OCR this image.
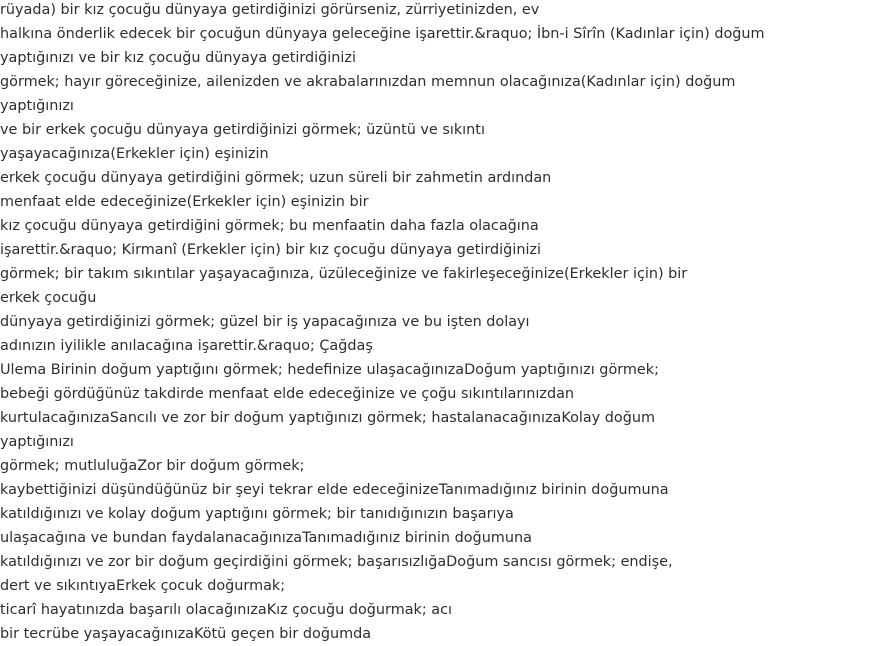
rüyada) bir kız çocuğu dünyaya getirdiğinizi görürseniz, zürriyetinizden, ev
halkına önderlik edecek bir çocuğun dünyaya geleceğine işarettir.&raquo; İbn-i Sîrîn (Kadınlar için) doğum
yaptığınızı ve bir kız çocuğu dünyaya getirdiğinizi
görmek; hayır göreceğinize, ailenizden ve akrabalarınızdan memnun olacağınıza(Kadınlar için) doğum
yaptığınızı
ve bir erkek çocuğu dünyaya getirdiğinizi görmek; üzüntü ve sıkıntı
yaşayacağınıza(Erkekler için) eşinizin
erkek çocuğu dünyaya getirdiğini görmek; uzun süreli bir zahmetin ardından
menfaat elde edeceğinize(Erkekler için) eşinizin bir
kız çocuğu dünyaya getirdiğini görmek; bu menfaatin daha fazla olacağına
işarettir.&raquo; Kirmanî (Erkekler için) bir kız çocuğu dünyaya getirdiğinizi
görmek; bir takım sıkıntılar yaşayacağınıza, üzüleceğinize ve fakirleşeceğinize(Erkekler için) bir
erkek çocuğu
dünyaya getirdiğinizi görmek; güzel bir iş yapacağınıza ve bu işten dolayı
adınızın iyilikle anılacağına işarettir.&raquo; Çağdaş
Ulema Birinin doğum yaptığını görmek; hedefinize ulaşacağınızaDoğum yaptığınızı görmek;
bebeği gördüğünüz takdirde menfaat elde edeceğinize ve çoğu sıkıntılarınızdan
kurtulacağınızaSancılı ve zor bir doğum yaptığınızı görmek; hastalanacağınızaKolay doğum
yaptığınızı
görmek; mutluluğaZor bir doğum görmek;
kaybettiğinizi düşündüğünüz bir şeyi tekrar elde edeceğinizeTanımadığınız birinin doğumuna
katıldığınızı ve kolay doğum yaptığını görmek; bir tanıdığınızın başarıya
ulaşacağına ve bundan faydalanacağınızaTanımadığınız birinin doğumuna
katıldığınızı ve zor bir doğum geçirdiğini görmek; başarısızlığaDoğum sancısı görmek; endişe,
dert ve sıkıntıyaErkek çocuk doğurmak;
ticarî hayatınızda başarılı olacağınızaKız çocuğu doğurmak; acı
bir tecrübe yaşayacağınızaKötü geçen bir doğumda
